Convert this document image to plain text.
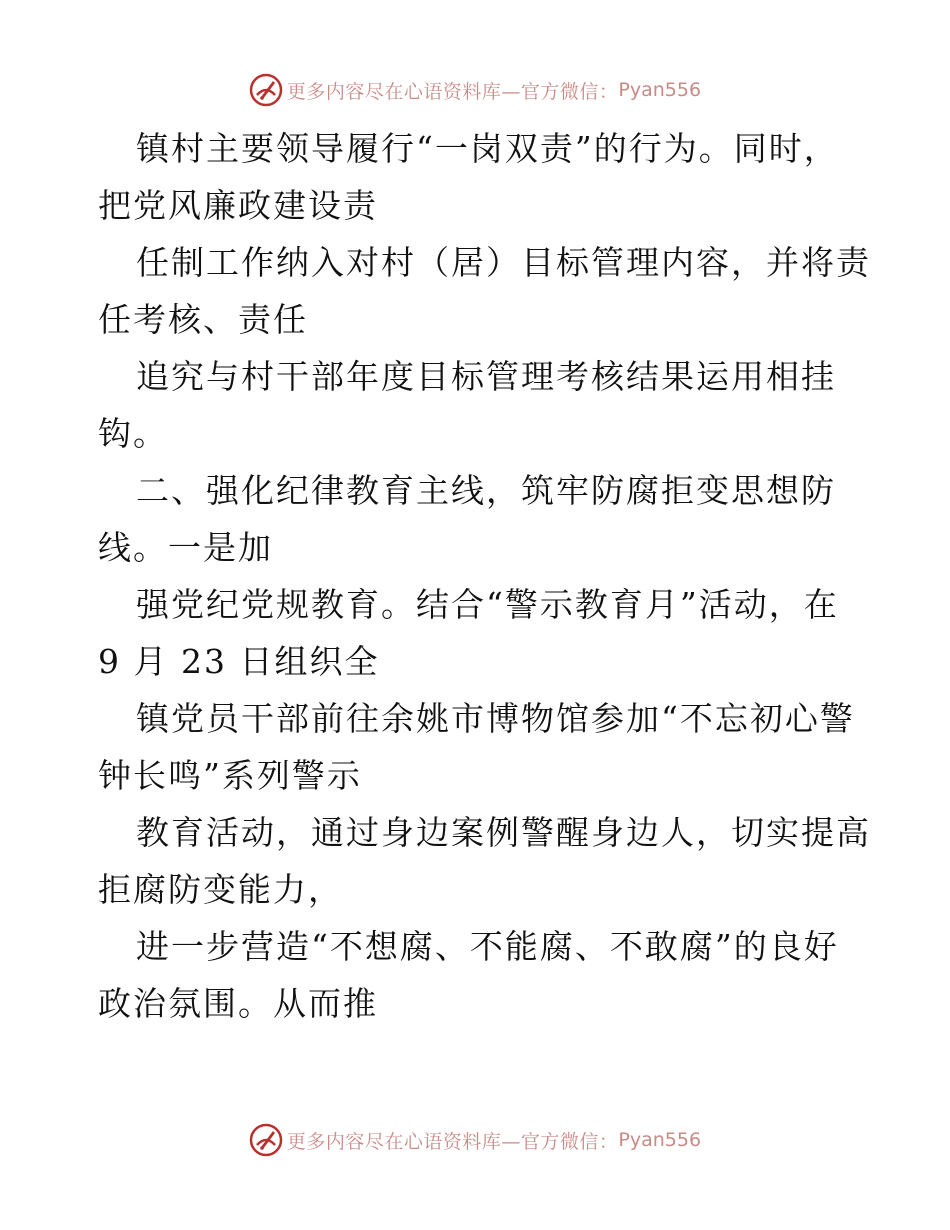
更多内容尽在心语资料库—官方微信： Pyan556
镇村主要领导履行“一岗双责”的行为。同时，
把党风廉政建设责
任制工作纳入对村（居）目标管理内容，并将责
任考核、责任
追究与村干部年度目标管理考核结果运用相挂
钩。
二、强化纪律教育主线，筑牢防腐拒变思想防
线。一是加
强党纪党规教育。结合“警示教育月”活动，在
9 月 23 日组织全
镇党员干部前往余姚市博物馆参加“不忘初心警
钟长鸣”系列警示
教育活动，通过身边案例警醒身边人，切实提高
拒腐防变能力，
进一步营造“不想腐、不能腐、不敢腐”的良好
政治氛围。从而推
更多内容尽在心语资料库—官方微信： Pyan556
